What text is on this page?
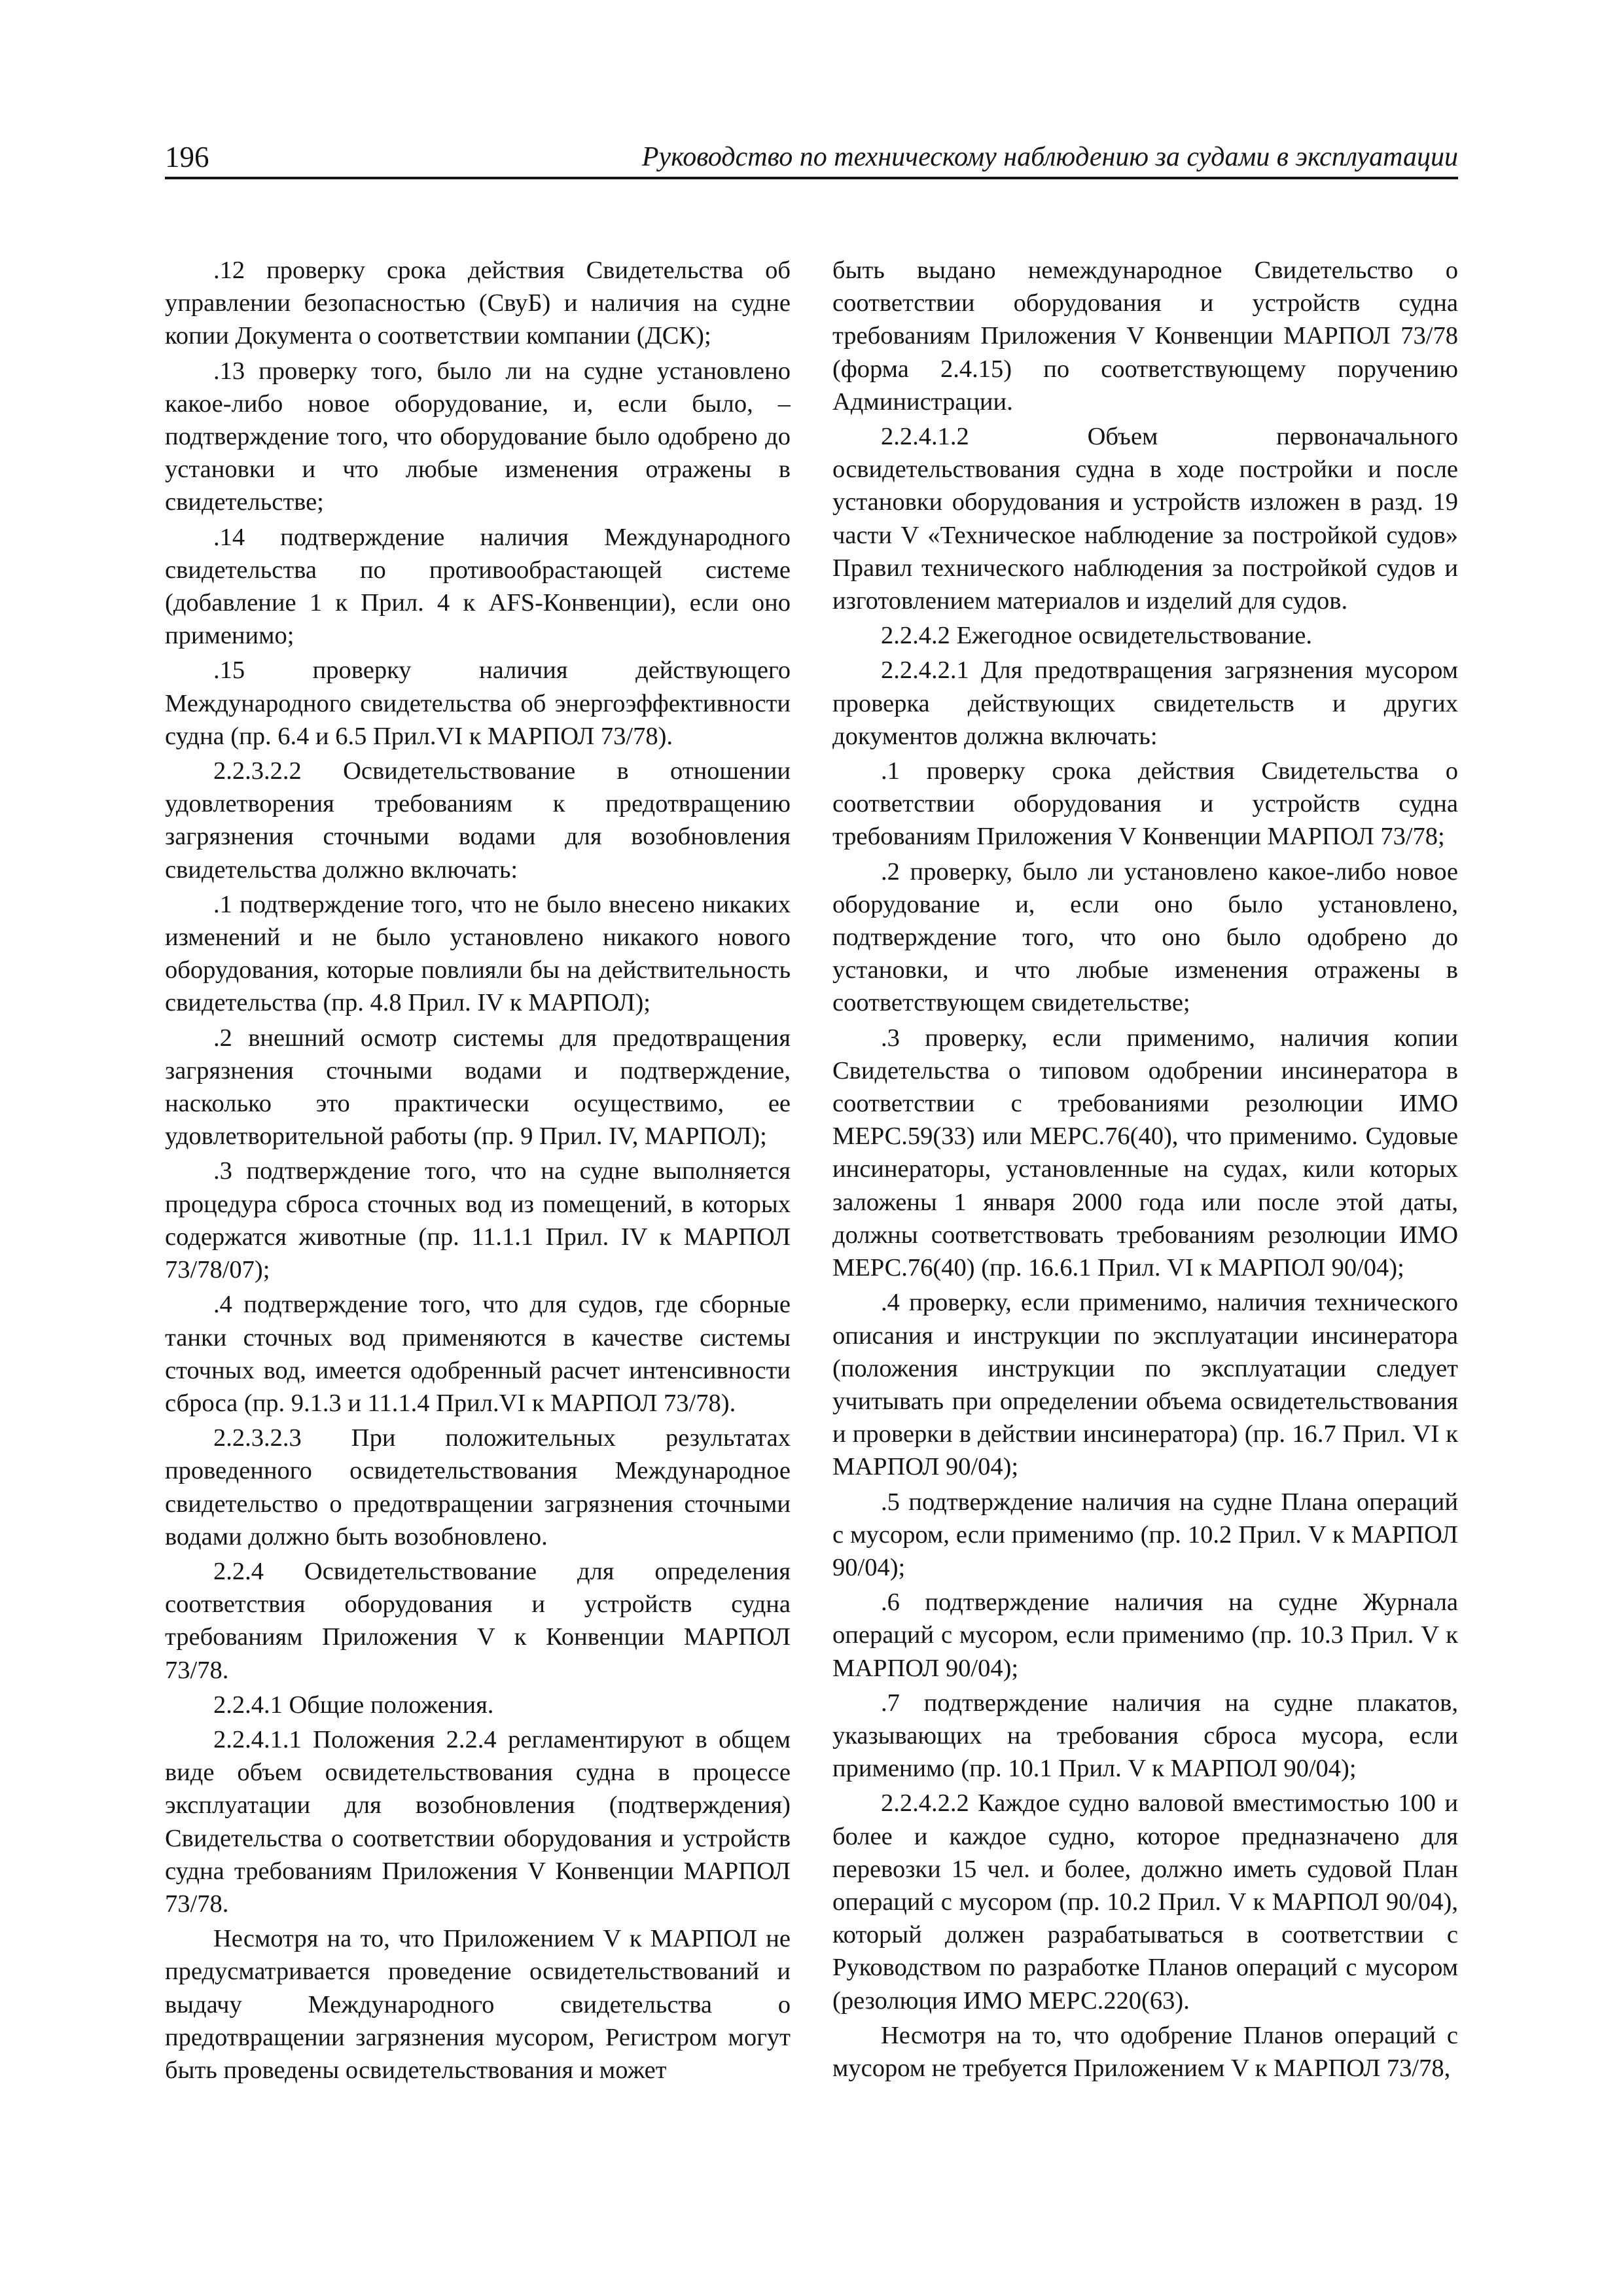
196	Руководство по техническому наблюдению за судами в эксплуатации

.12 проверку срока действия Свидетельства об управлении безопасностью (СвуБ) и наличия на судне копии Документа о соответствии компании (ДСК);

.13 проверку того, было ли на судне установлено какое-либо новое оборудование, и, если было, – подтверждение того, что оборудование было одобрено до установки и что любые изменения отражены в свидетельстве;

.14 подтверждение наличия Международного свидетельства по противообрастающей системе (добавление 1 к Прил. 4 к AFS-Конвенции), если оно применимо;

.15 проверку наличия действующего Международного свидетельства об энергоэффективности судна (пр. 6.4 и 6.5 Прил.VI к МАРПОЛ 73/78).

2.2.3.2.2 Освидетельствование в отношении удовлетворения требованиям к предотвращению загрязнения сточными водами для возобновления свидетельства должно включать:

.1 подтверждение того, что не было внесено никаких изменений и не было установлено никакого нового оборудования, которые повлияли бы на действительность свидетельства (пр. 4.8 Прил. IV к МАРПОЛ);

.2 внешний осмотр системы для предотвращения загрязнения сточными водами и подтверждение, насколько это практически осуществимо, ее удовлетворительной работы (пр. 9 Прил. IV, МАРПОЛ);

.3 подтверждение того, что на судне выполняется процедура сброса сточных вод из помещений, в которых содержатся животные (пр. 11.1.1 Прил. IV к МАРПОЛ 73/78/07);

.4 подтверждение того, что для судов, где сборные танки сточных вод применяются в качестве системы сточных вод, имеется одобренный расчет интенсивности сброса (пр. 9.1.3 и 11.1.4 Прил.VI к МАРПОЛ 73/78).

2.2.3.2.3 При положительных результатах проведенного освидетельствования Международное свидетельство о предотвращении загрязнения сточными водами должно быть возобновлено.

2.2.4 Освидетельствование для определения соответствия оборудования и устройств судна требованиям Приложения V к Конвенции МАРПОЛ 73/78.

2.2.4.1 Общие положения.

2.2.4.1.1 Положения 2.2.4 регламентируют в общем виде объем освидетельствования судна в процессе эксплуатации для возобновления (подтверждения) Свидетельства о соответствии оборудования и устройств судна требованиям Приложения V Конвенции МАРПОЛ 73/78.

Несмотря на то, что Приложением V к МАРПОЛ не предусматривается проведение освидетельствований и выдачу Международного свидетельства о предотвращении загрязнения мусором, Регистром могут быть проведены освидетельствования и может

быть выдано немеждународное Свидетельство о соответствии оборудования и устройств судна требованиям Приложения V Конвенции МАРПОЛ 73/78 (форма 2.4.15) по соответствующему поручению Администрации.

2.2.4.1.2 Объем первоначального освидетельствования судна в ходе постройки и после установки оборудования и устройств изложен в разд. 19 части V «Техническое наблюдение за постройкой судов» Правил технического наблюдения за постройкой судов и изготовлением материалов и изделий для судов.

2.2.4.2 Ежегодное освидетельствование.

2.2.4.2.1 Для предотвращения загрязнения мусором проверка действующих свидетельств и других документов должна включать:

.1 проверку срока действия Свидетельства о соответствии оборудования и устройств судна требованиям Приложения V Конвенции МАРПОЛ 73/78;

.2 проверку, было ли установлено какое-либо новое оборудование и, если оно было установлено, подтверждение того, что оно было одобрено до установки, и что любые изменения отражены в соответствующем свидетельстве;

.3 проверку, если применимо, наличия копии Свидетельства о типовом одобрении инсинератора в соответствии с требованиями резолюции ИМО МЕРС.59(33) или МЕРС.76(40), что применимо. Судовые инсинераторы, установленные на судах, кили которых заложены 1 января 2000 года или после этой даты, должны соответствовать требованиям резолюции ИМО МЕРС.76(40) (пр. 16.6.1 Прил. VI к МАРПОЛ 90/04);

.4 проверку, если применимо, наличия технического описания и инструкции по эксплуатации инсинератора (положения инструкции по эксплуатации следует учитывать при определении объема освидетельствования и проверки в действии инсинератора) (пр. 16.7 Прил. VI к МАРПОЛ 90/04);

.5 подтверждение наличия на судне Плана операций с мусором, если применимо (пр. 10.2 Прил. V к МАРПОЛ 90/04);

.6 подтверждение наличия на судне Журнала операций с мусором, если применимо (пр. 10.3 Прил. V к МАРПОЛ 90/04);

.7 подтверждение наличия на судне плакатов, указывающих на требования сброса мусора, если применимо (пр. 10.1 Прил. V к МАРПОЛ 90/04);

2.2.4.2.2 Каждое судно валовой вместимостью 100 и более и каждое судно, которое предназначено для перевозки 15 чел. и более, должно иметь судовой План операций с мусором (пр. 10.2 Прил. V к МАРПОЛ 90/04), который должен разрабатываться в соответствии с Руководством по разработке Планов операций с мусором (резолюция ИМО МЕРС.220(63).

Несмотря на то, что одобрение Планов операций с мусором не требуется Приложением V к МАРПОЛ 73/78,
